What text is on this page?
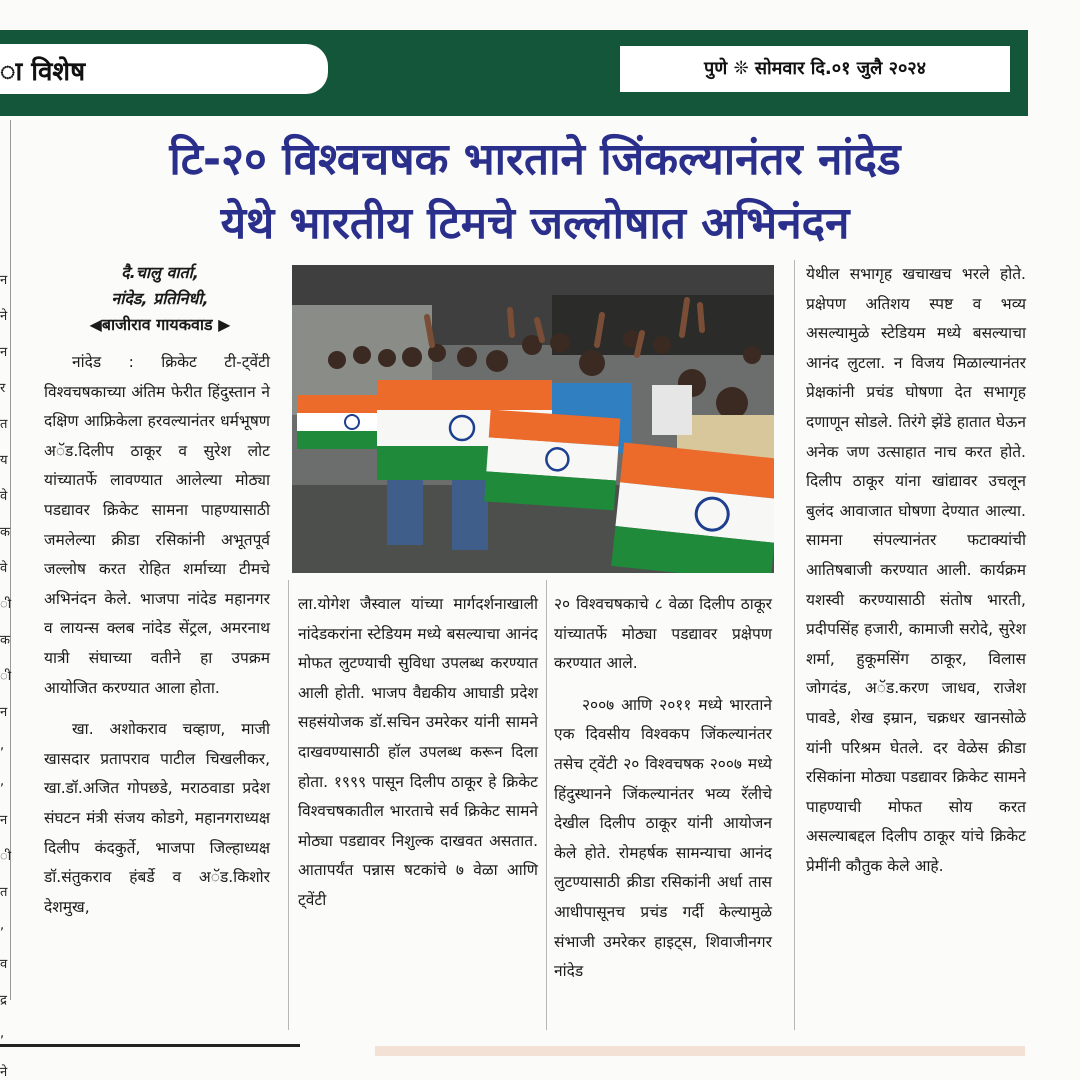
ा विशेष	पुणे ❊ सोमवार दि.०१ जुलै २०२४
टि-२० विश्वचषक भारताने जिंकल्यानंतर नांदेड
येथे भारतीय टिमचे जल्लोषात अभिनंदन
न
ने
न
र
त
य
वे
क
वे
ी
क
ी
न
,
,
न
ी
त
,
व
द्र
,
ने
दै.चालु वार्ता,
नांदेड, प्रतिनिधी,
◀बाजीराव गायकवाड ▶

नांदेड : क्रिकेट टी-ट्वेंटी विश्वचषकाच्या अंतिम फेरीत हिंदुस्तान ने दक्षिण आफ्रिकेला हरवल्यानंतर धर्मभूषण अॅड.दिलीप ठाकूर व सुरेश लोट यांच्यातर्फे लावण्यात आलेल्या मोठ्या पडद्यावर क्रिकेट सामना पाहण्यासाठी जमलेल्या क्रीडा रसिकांनी अभूतपूर्व जल्लोष करत रोहित शर्माच्या टीमचे अभिनंदन केले. भाजपा नांदेड महानगर व लायन्स क्लब नांदेड सेंट्रल, अमरनाथ यात्री संघाच्या वतीने हा उपक्रम आयोजित करण्यात आला होता.

खा. अशोकराव चव्हाण, माजी खासदार प्रतापराव पाटील चिखलीकर, खा.डॉ.अजित गोपछडे, मराठवाडा प्रदेश संघटन मंत्री संजय कोडगे, महानगराध्यक्ष दिलीप कंदकुर्ते, भाजपा जिल्हाध्यक्ष डॉ.संतुकराव हंबर्डे व अॅड.किशोर देशमुख,

ला.योगेश जैस्वाल यांच्या मार्गदर्शनाखाली नांदेडकरांना स्टेडियम मध्ये बसल्याचा आनंद मोफत लुटण्याची सुविधा उपलब्ध करण्यात आली होती. भाजप वैद्यकीय आघाडी प्रदेश सहसंयोजक डॉ.सचिन उमरेकर यांनी सामने दाखवण्यासाठी हॉल उपलब्ध करून दिला होता. १९९९ पासून दिलीप ठाकूर हे क्रिकेट विश्वचषकातील भारताचे सर्व क्रिकेट सामने मोठ्या पडद्यावर निशुल्क दाखवत असतात. आतापर्यंत पन्नास षटकांचे ७ वेळा आणि ट्वेंटी

२० विश्वचषकाचे ८ वेळा दिलीप ठाकूर यांच्यातर्फे मोठ्या पडद्यावर प्रक्षेपण करण्यात आले.

२००७ आणि २०११ मध्ये भारताने एक दिवसीय विश्वकप जिंकल्यानंतर तसेच ट्वेंटी २० विश्वचषक २००७ मध्ये हिंदुस्थानने जिंकल्यानंतर भव्य रॅलीचे देखील दिलीप ठाकूर यांनी आयोजन केले होते. रोमहर्षक सामन्याचा आनंद लुटण्यासाठी क्रीडा रसिकांनी अर्धा तास आधीपासूनच प्रचंड गर्दी केल्यामुळे संभाजी उमरेकर हाइट्स, शिवाजीनगर नांदेड

येथील सभागृह खचाखच भरले होते. प्रक्षेपण अतिशय स्पष्ट व भव्य असल्यामुळे स्टेडियम मध्ये बसल्याचा आनंद लुटला. न विजय मिळाल्यानंतर प्रेक्षकांनी प्रचंड घोषणा देत सभागृह दणाणून सोडले. तिरंगे झेंडे हातात घेऊन अनेक जण उत्साहात नाच करत होते. दिलीप ठाकूर यांना खांद्यावर उचलून बुलंद आवाजात घोषणा देण्यात आल्या. सामना संपल्यानंतर फटाक्यांची आतिषबाजी करण्यात आली. कार्यक्रम यशस्वी करण्यासाठी संतोष भारती, प्रदीपसिंह हजारी, कामाजी सरोदे, सुरेश शर्मा, हुकूमसिंग ठाकूर, विलास जोगदंड, अॅड.करण जाधव, राजेश पावडे, शेख इम्रान, चक्रधर खानसोळे यांनी परिश्रम घेतले. दर वेळेस क्रीडा रसिकांना मोठ्या पडद्यावर क्रिकेट सामने पाहण्याची मोफत सोय करत असल्याबद्दल दिलीप ठाकूर यांचे क्रिकेट प्रेमींनी कौतुक केले आहे.
